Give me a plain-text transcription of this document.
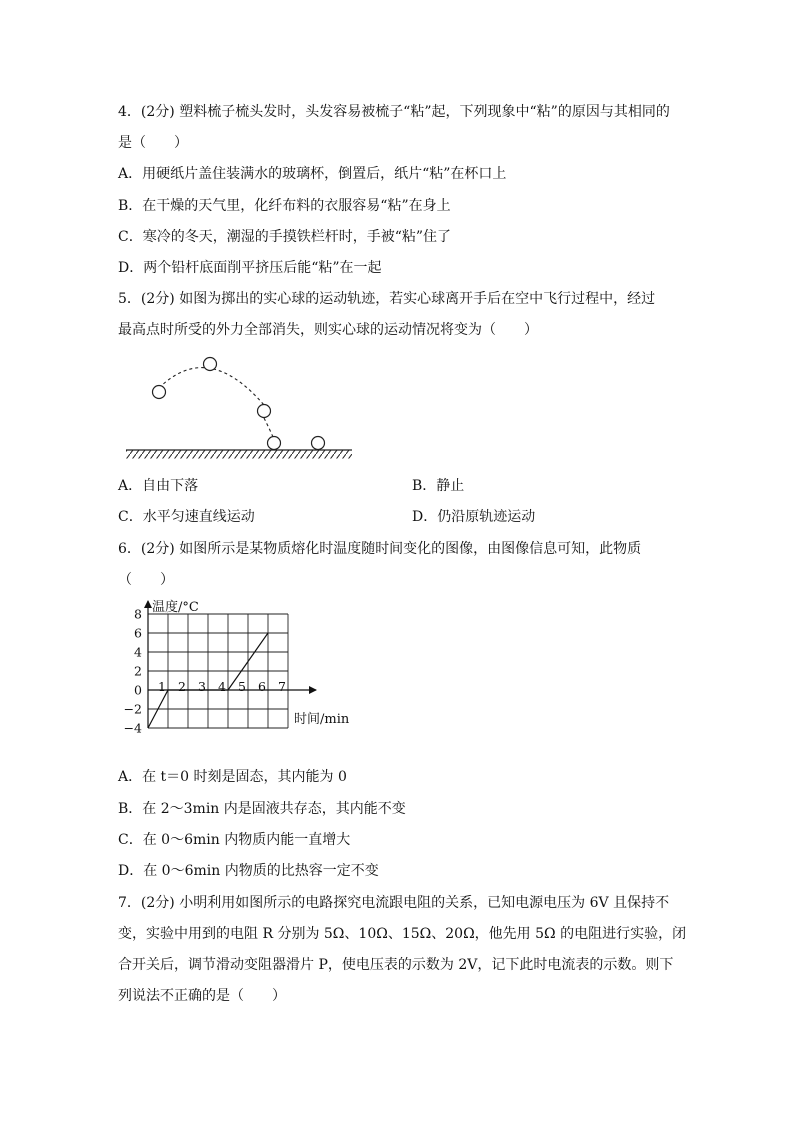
4．(2分) 塑料梳子梳头发时，头发容易被梳子“粘”起，下列现象中“粘”的原因与其相同的
是（　　）
A．用硬纸片盖住装满水的玻璃杯，倒置后，纸片“粘”在杯口上
B．在干燥的天气里，化纤布料的衣服容易“粘”在身上
C．寒冷的冬天，潮湿的手摸铁栏杆时，手被“粘”住了
D．两个铅杆底面削平挤压后能“粘”在一起
5．(2分) 如图为掷出的实心球的运动轨迹，若实心球离开手后在空中飞行过程中，经过
最高点时所受的外力全部消失，则实心球的运动情况将变为（　　）
A．自由下落	B．静止
C．水平匀速直线运动	D．仍沿原轨迹运动
6．(2分) 如图所示是某物质熔化时温度随时间变化的图像，由图像信息可知，此物质
（　　）
温度/°C
时间/min
8
6
4
2
0
−2
−4
1 2 3 4 5 6 7
A．在 t＝0 时刻是固态，其内能为 0
B．在 2～3min 内是固液共存态，其内能不变
C．在 0～6min 内物质内能一直增大
D．在 0～6min 内物质的比热容一定不变
7．(2分) 小明利用如图所示的电路探究电流跟电阻的关系，已知电源电压为 6V 且保持不
变，实验中用到的电阻 R 分别为 5Ω、10Ω、15Ω、20Ω，他先用 5Ω 的电阻进行实验，闭
合开关后，调节滑动变阻器滑片 P，使电压表的示数为 2V，记下此时电流表的示数。则下
列说法不正确的是（　　）
